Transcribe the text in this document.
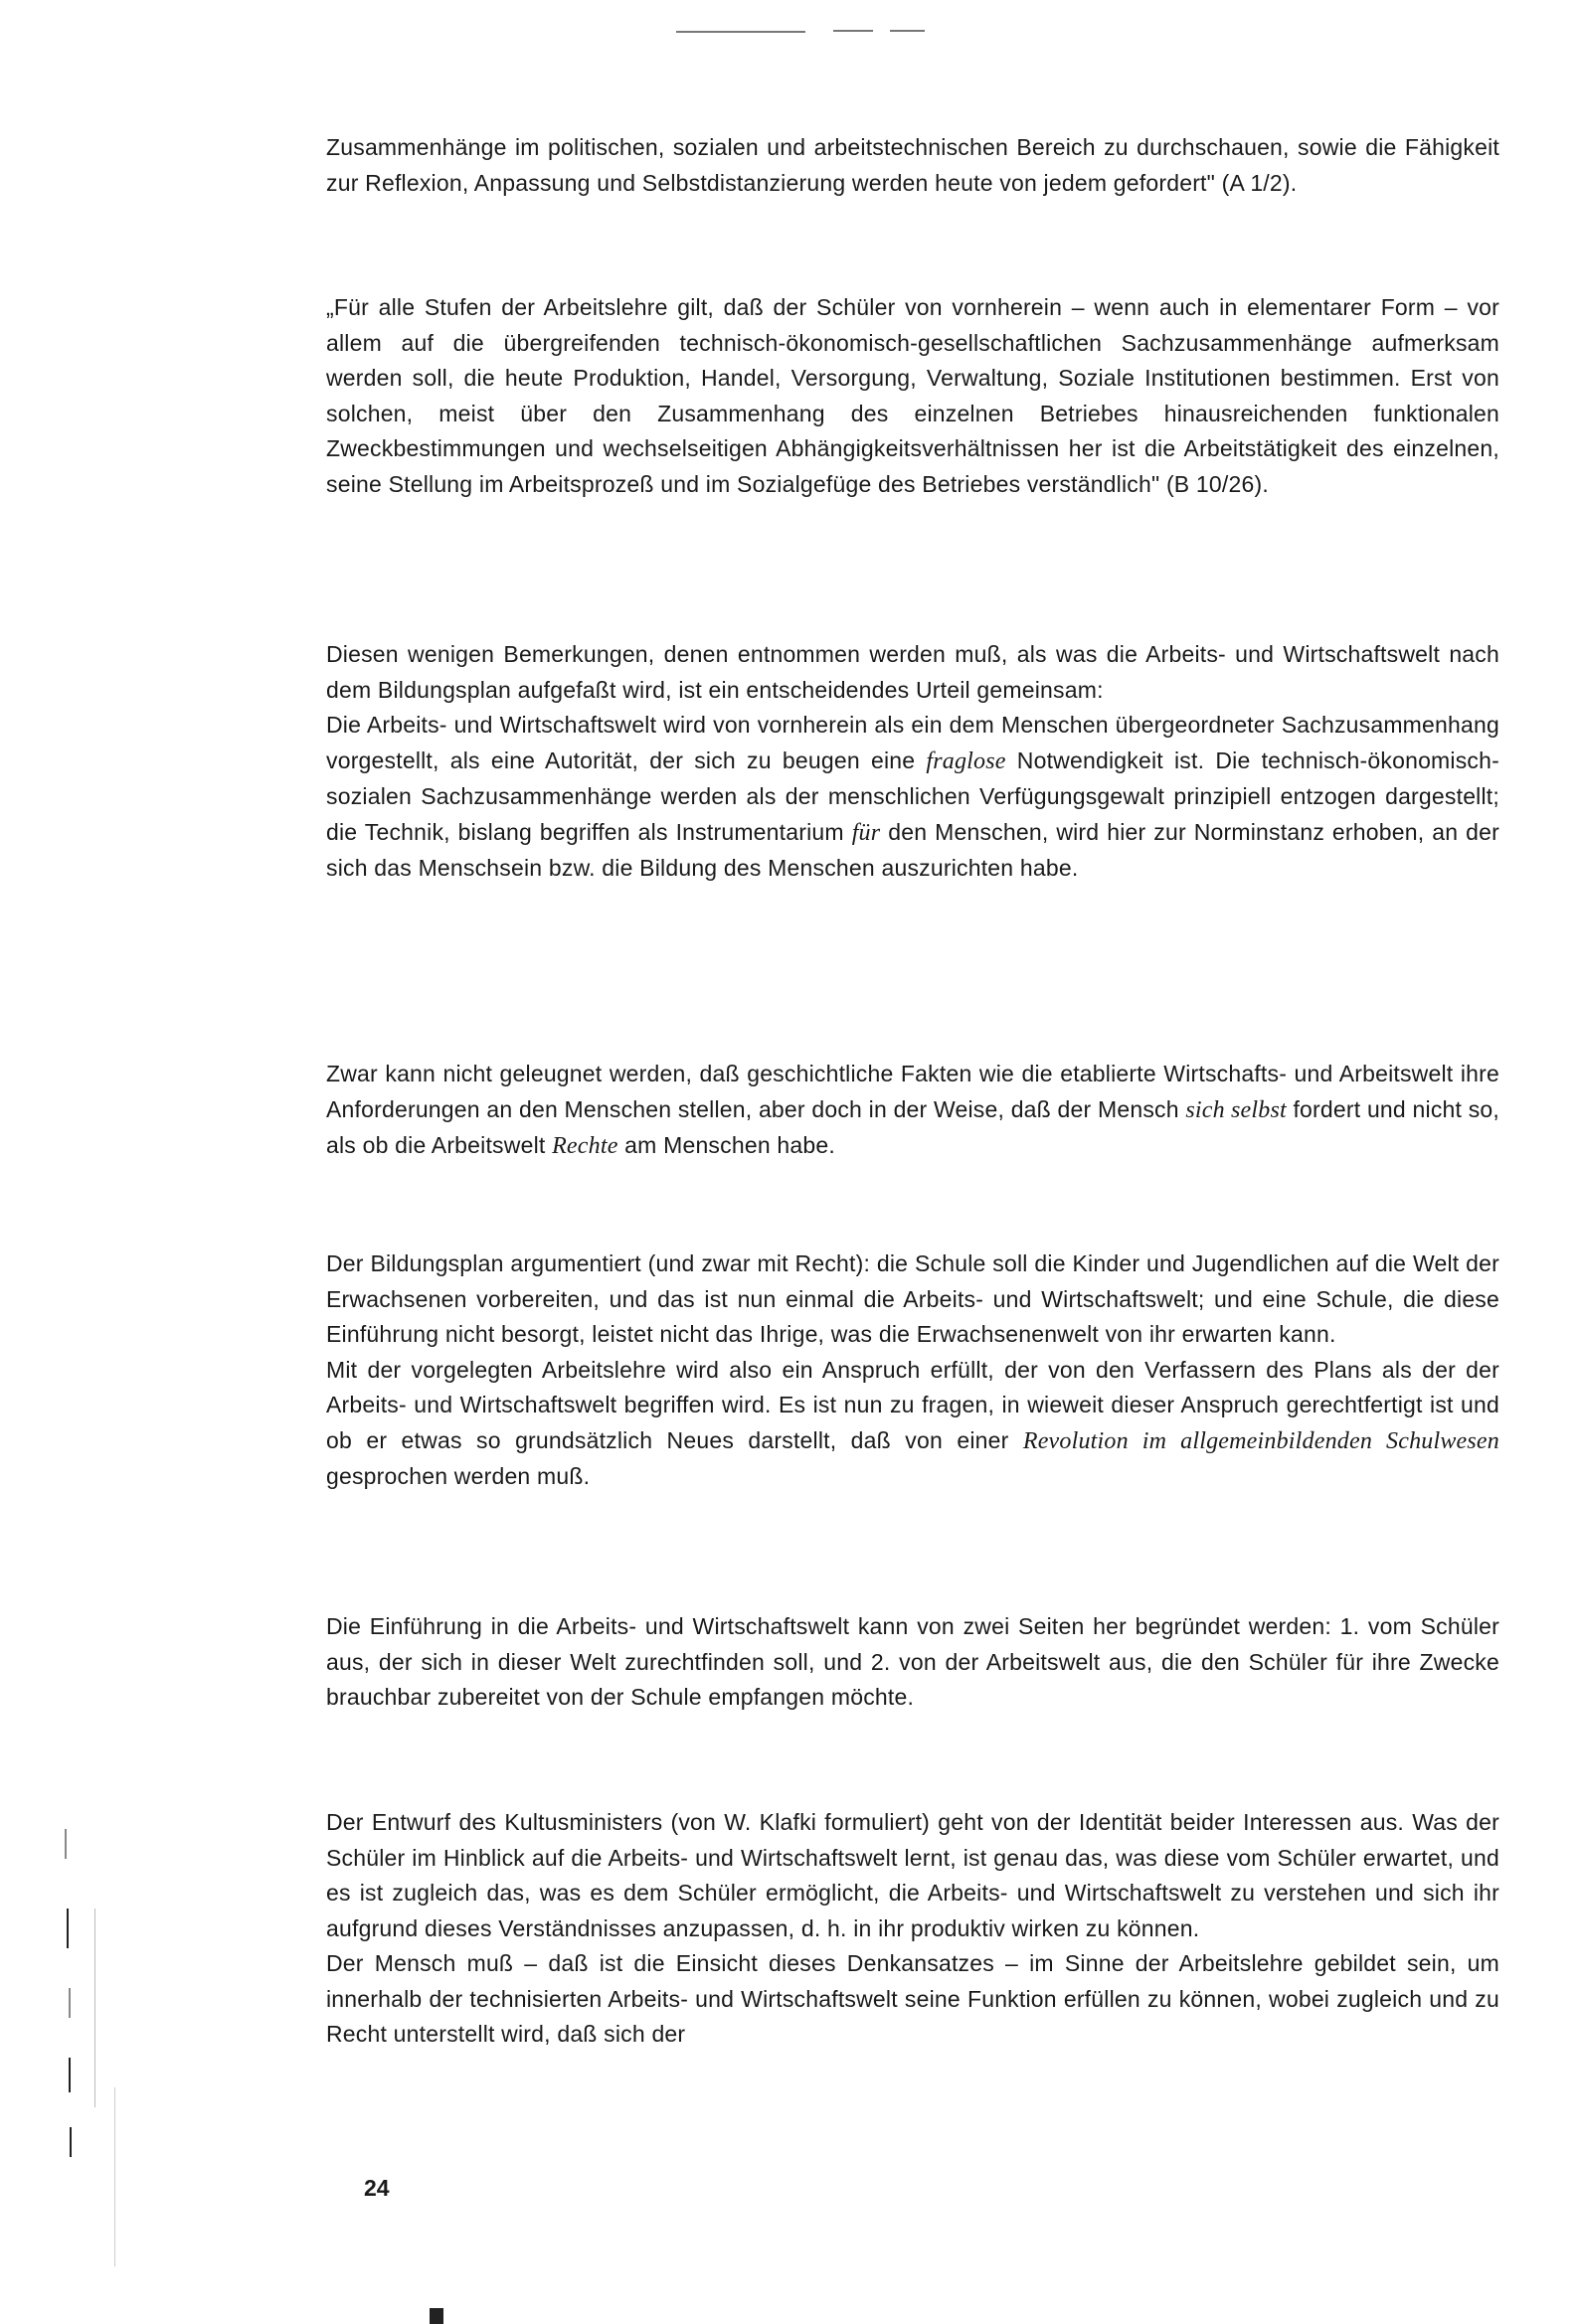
Zusammenhänge im politischen, sozialen und arbeitstechnischen Bereich zu durchschauen, sowie die Fähigkeit zur Reflexion, Anpassung und Selbstdistanzierung werden heute von jedem gefordert" (A 1/2).

„Für alle Stufen der Arbeitslehre gilt, daß der Schüler von vornherein – wenn auch in elementarer Form – vor allem auf die übergreifenden technisch-ökonomisch-gesellschaftlichen Sachzusammenhänge aufmerksam werden soll, die heute Produktion, Handel, Versorgung, Verwaltung, Soziale Institutionen bestimmen. Erst von solchen, meist über den Zusammenhang des einzelnen Betriebes hinausreichenden funktionalen Zweckbestimmungen und wechselseitigen Abhängigkeitsverhältnissen her ist die Arbeitstätigkeit des einzelnen, seine Stellung im Arbeitsprozeß und im Sozialgefüge des Betriebes verständlich" (B 10/26).

Diesen wenigen Bemerkungen, denen entnommen werden muß, als was die Arbeits- und Wirtschaftswelt nach dem Bildungsplan aufgefaßt wird, ist ein entscheidendes Urteil gemeinsam:

Die Arbeits- und Wirtschaftswelt wird von vornherein als ein dem Menschen übergeordneter Sachzusammenhang vorgestellt, als eine Autorität, der sich zu beugen eine fraglose Notwendigkeit ist. Die technisch-ökonomisch-sozialen Sachzusammenhänge werden als der menschlichen Verfügungsgewalt prinzipiell entzogen dargestellt; die Technik, bislang begriffen als Instrumentarium für den Menschen, wird hier zur Norminstanz erhoben, an der sich das Menschsein bzw. die Bildung des Menschen auszurichten habe.

Zwar kann nicht geleugnet werden, daß geschichtliche Fakten wie die etablierte Wirtschafts- und Arbeitswelt ihre Anforderungen an den Menschen stellen, aber doch in der Weise, daß der Mensch sich selbst fordert und nicht so, als ob die Arbeitswelt Rechte am Menschen habe.

Der Bildungsplan argumentiert (und zwar mit Recht): die Schule soll die Kinder und Jugendlichen auf die Welt der Erwachsenen vorbereiten, und das ist nun einmal die Arbeits- und Wirtschaftswelt; und eine Schule, die diese Einführung nicht besorgt, leistet nicht das Ihrige, was die Erwachsenenwelt von ihr erwarten kann.

Mit der vorgelegten Arbeitslehre wird also ein Anspruch erfüllt, der von den Verfassern des Plans als der der Arbeits- und Wirtschaftswelt begriffen wird. Es ist nun zu fragen, in wieweit dieser Anspruch gerechtfertigt ist und ob er etwas so grundsätzlich Neues darstellt, daß von einer Revolution im allgemeinbildenden Schulwesen gesprochen werden muß.

Die Einführung in die Arbeits- und Wirtschaftswelt kann von zwei Seiten her begründet werden: 1. vom Schüler aus, der sich in dieser Welt zurechtfinden soll, und 2. von der Arbeitswelt aus, die den Schüler für ihre Zwecke brauchbar zubereitet von der Schule empfangen möchte.

Der Entwurf des Kultusministers (von W. Klafki formuliert) geht von der Identität beider Interessen aus. Was der Schüler im Hinblick auf die Arbeits- und Wirtschaftswelt lernt, ist genau das, was diese vom Schüler erwartet, und es ist zugleich das, was es dem Schüler ermöglicht, die Arbeits- und Wirtschaftswelt zu verstehen und sich ihr aufgrund dieses Verständnisses anzupassen, d. h. in ihr produktiv wirken zu können.

Der Mensch muß – daß ist die Einsicht dieses Denkansatzes – im Sinne der Arbeitslehre gebildet sein, um innerhalb der technisierten Arbeits- und Wirtschaftswelt seine Funktion erfüllen zu können, wobei zugleich und zu Recht unterstellt wird, daß sich der

24
